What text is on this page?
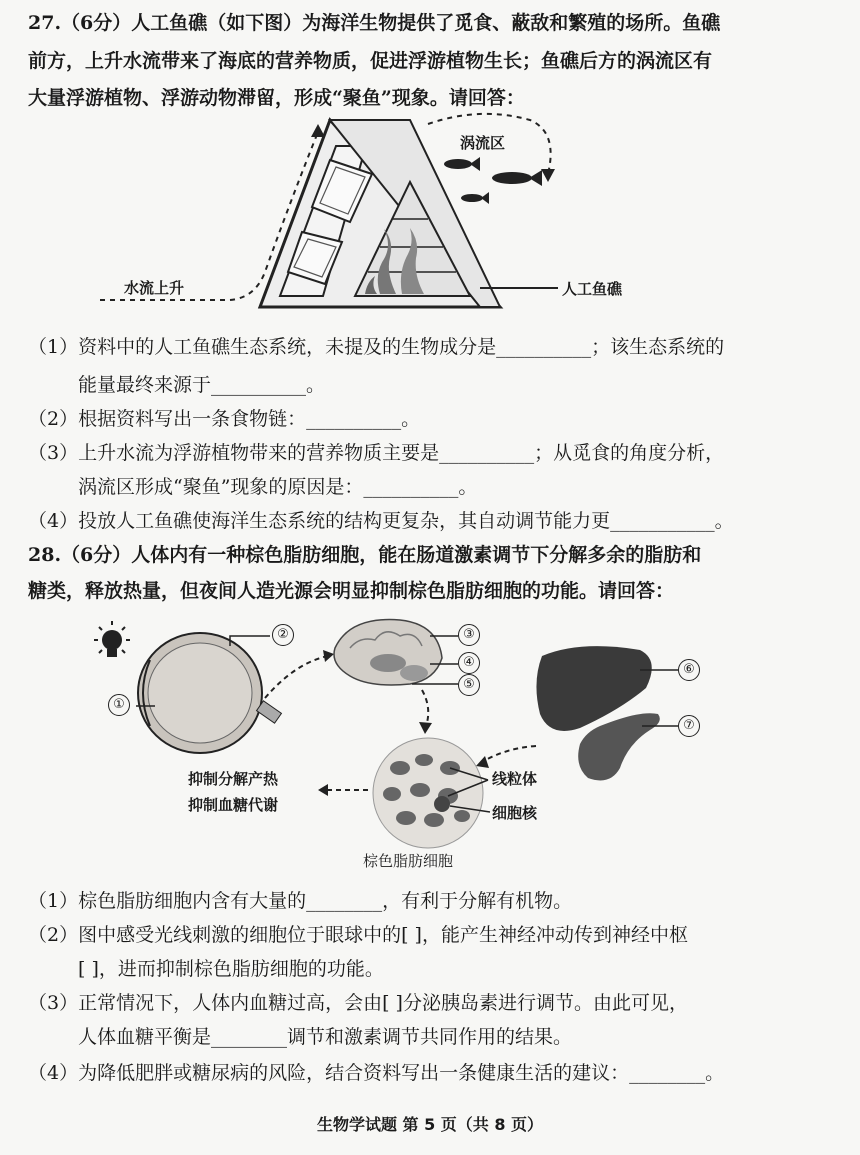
27.（6分）人工鱼礁（如下图）为海洋生物提供了觅食、蔽敌和繁殖的场所。鱼礁
前方，上升水流带来了海底的营养物质，促进浮游植物生长；鱼礁后方的涡流区有
大量浮游植物、浮游动物滞留，形成“聚鱼”现象。请回答：
涡流区
水流上升	人工鱼礁
（1）资料中的人工鱼礁生态系统，未提及的生物成分是__________；该生态系统的
能量最终来源于__________。
（2）根据资料写出一条食物链：__________。
（3）上升水流为浮游植物带来的营养物质主要是__________；从觅食的角度分析，
涡流区形成“聚鱼”现象的原因是：__________。
（4）投放人工鱼礁使海洋生态系统的结构更复杂，其自动调节能力更___________。
28.（6分）人体内有一种棕色脂肪细胞，能在肠道激素调节下分解多余的脂肪和
糖类，释放热量，但夜间人造光源会明显抑制棕色脂肪细胞的功能。请回答：
①
②	③
④
⑤
⑥
⑦
抑制分解产热
抑制血糖代谢
线粒体
细胞核
棕色脂肪细胞
（1）棕色脂肪细胞内含有大量的________，有利于分解有机物。
（2）图中感受光线刺激的细胞位于眼球中的[ ]，能产生神经冲动传到神经中枢
[ ]，进而抑制棕色脂肪细胞的功能。
（3）正常情况下，人体内血糖过高，会由[ ]分泌胰岛素进行调节。由此可见，
人体血糖平衡是________调节和激素调节共同作用的结果。
（4）为降低肥胖或糖尿病的风险，结合资料写出一条健康生活的建议：________。
生物学试题 第 5 页（共 8 页）
